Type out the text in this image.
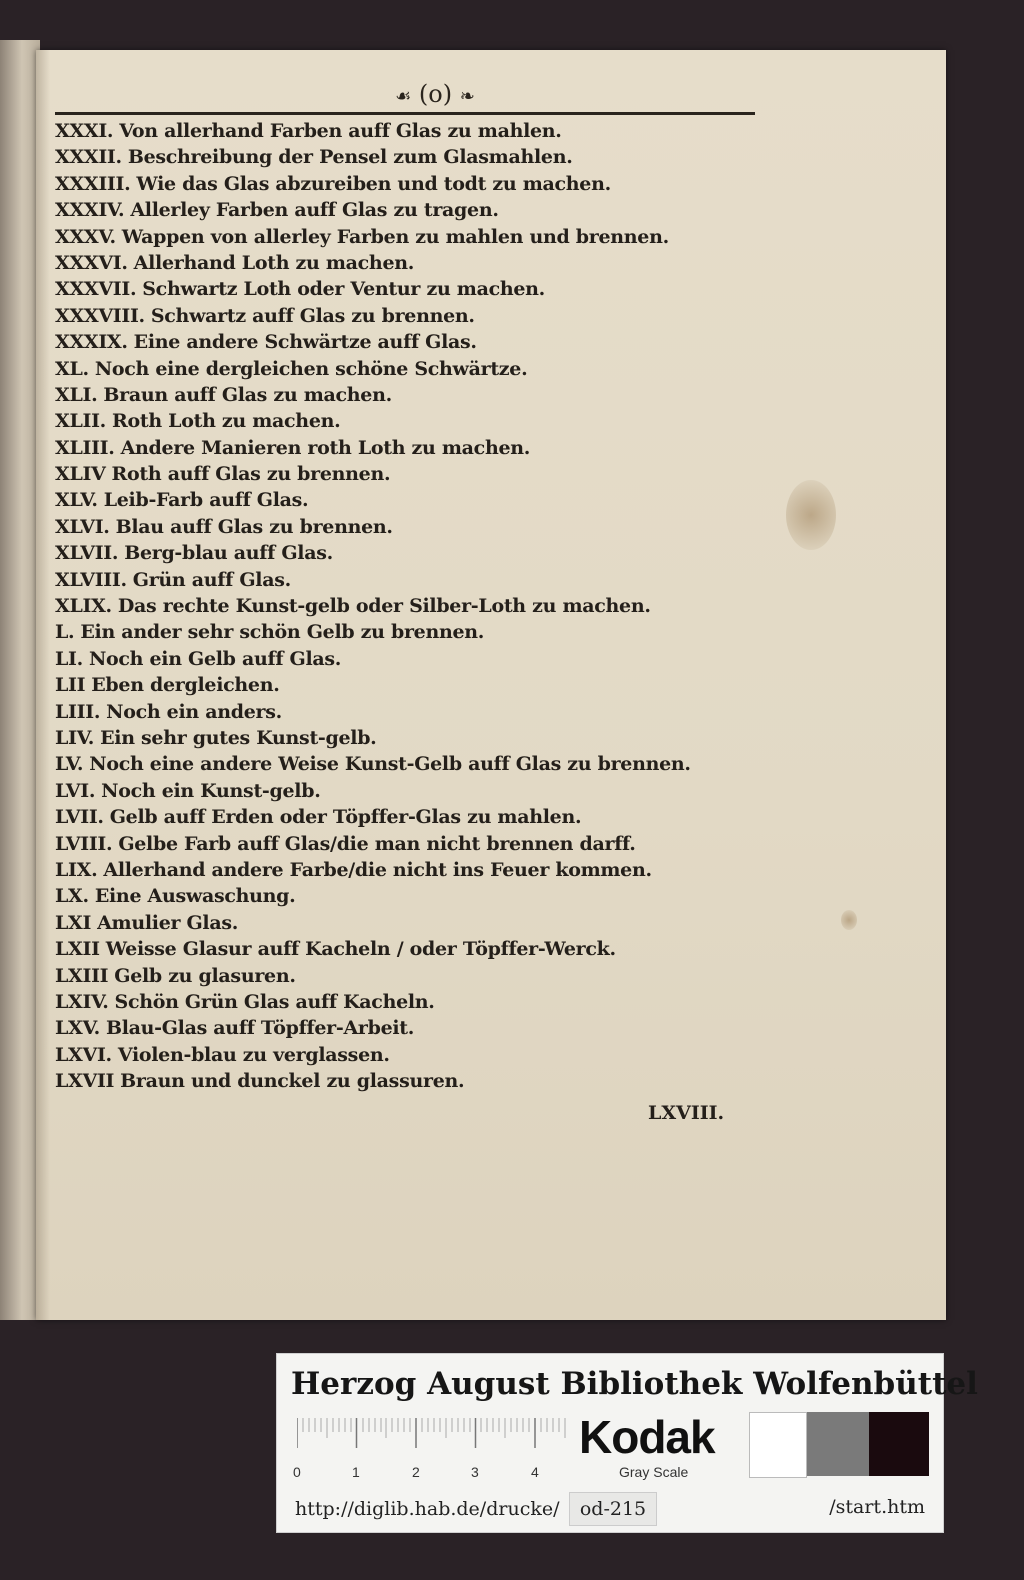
☙ (o) ❧
XXXI. Von allerhand Farben auff Glas zu mahlen.
XXXII. Beschreibung der Pensel zum Glasmahlen.
XXXIII. Wie das Glas abzureiben und todt zu machen.
XXXIV. Allerley Farben auff Glas zu tragen.
XXXV. Wappen von allerley Farben zu mahlen und brennen.
XXXVI. Allerhand Loth zu machen.
XXXVII. Schwartz Loth oder Ventur zu machen.
XXXVIII. Schwartz auff Glas zu brennen.
XXXIX. Eine andere Schwärtze auff Glas.
XL. Noch eine dergleichen schöne Schwärtze.
XLI. Braun auff Glas zu machen.
XLII. Roth Loth zu machen.
XLIII. Andere Manieren roth Loth zu machen.
XLIV Roth auff Glas zu brennen.
XLV. Leib-Farb auff Glas.
XLVI. Blau auff Glas zu brennen.
XLVII. Berg-blau auff Glas.
XLVIII. Grün auff Glas.
XLIX. Das rechte Kunst-gelb oder Silber-Loth zu machen.
L. Ein ander sehr schön Gelb zu brennen.
LI. Noch ein Gelb auff Glas.
LII Eben dergleichen.
LIII. Noch ein anders.
LIV. Ein sehr gutes Kunst-gelb.
LV. Noch eine andere Weise Kunst-Gelb auff Glas zu brennen.
LVI. Noch ein Kunst-gelb.
LVII. Gelb auff Erden oder Töpffer-Glas zu mahlen.
LVIII. Gelbe Farb auff Glas/die man nicht brennen darff.
LIX. Allerhand andere Farbe/die nicht ins Feuer kommen.
LX. Eine Auswaschung.
LXI Amulier Glas.
LXII Weisse Glasur auff Kacheln / oder Töpffer-Werck.
LXIII Gelb zu glasuren.
LXIV. Schön Grün Glas auff Kacheln.
LXV. Blau-Glas auff Töpffer-Arbeit.
LXVI. Violen-blau zu verglassen.
LXVII Braun und dunckel zu glassuren.
LXVIII.
Herzog August Bibliothek Wolfenbüttel
0	1	2	3	4
Kodak
Gray Scale
http://diglib.hab.de/drucke/	od-215	/start.htm
